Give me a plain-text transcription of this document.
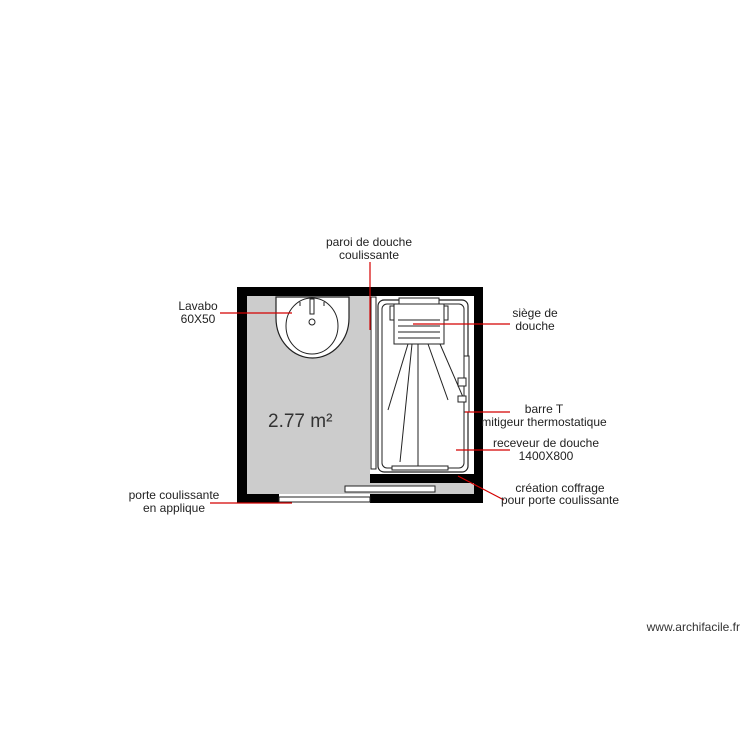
2.77 m²
paroi de douche
coulissante
Lavabo
60X50	siège de
douche
barre T
mitigeur thermostatique
receveur de douche
1400X800
création coffrage
pour porte coulissante
porte coulissante
en applique
www.archifacile.fr
